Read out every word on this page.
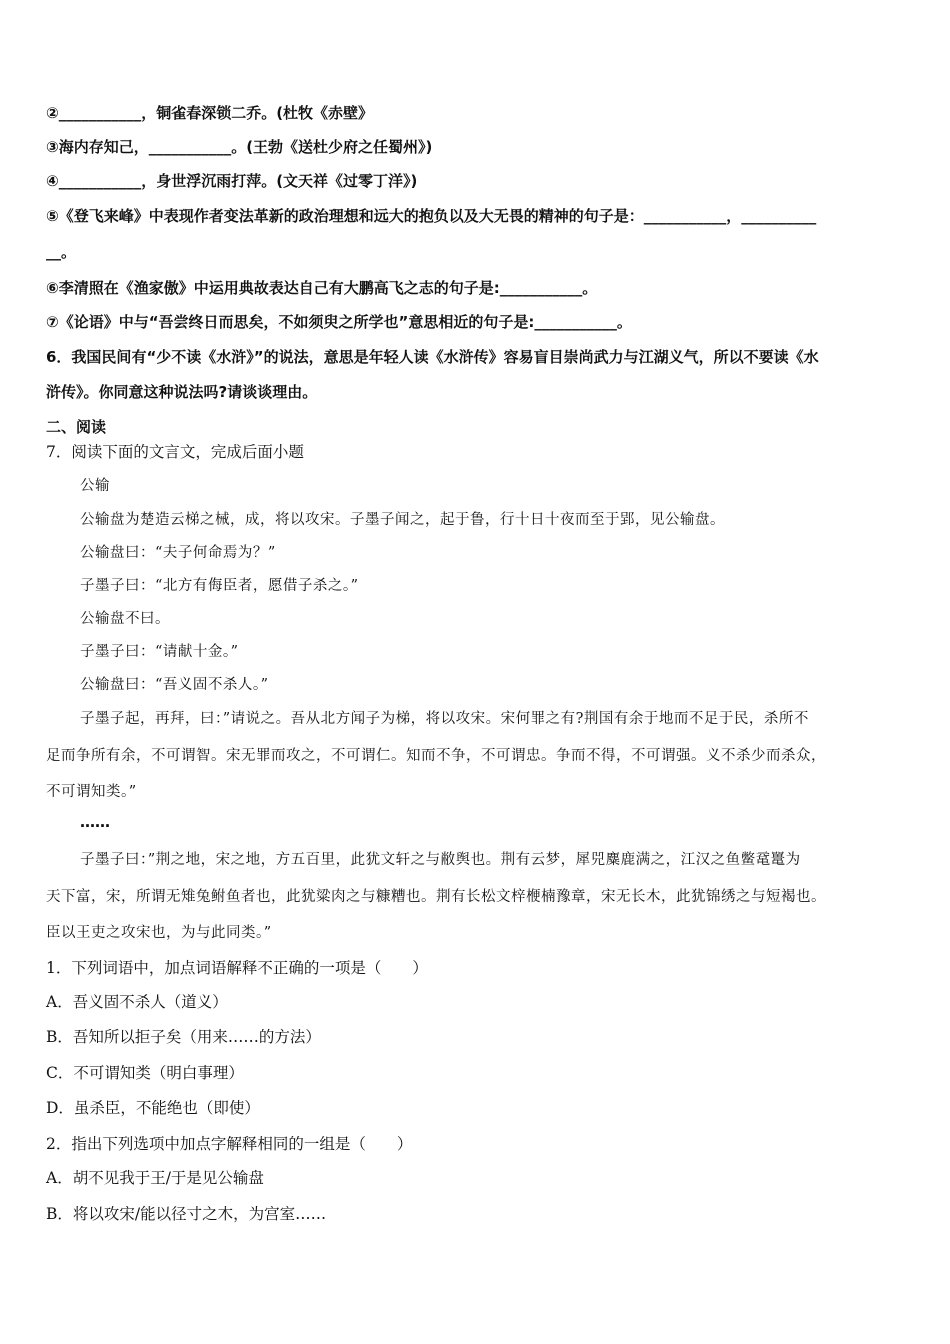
②___________，铜雀春深锁二乔。(杜牧《赤壁》
③海内存知己，___________。(王勃《送杜少府之任蜀州》)
④___________，身世浮沉雨打萍。(文天祥《过零丁洋》)
⑤《登飞来峰》中表现作者变法革新的政治理想和远大的抱负以及大无畏的精神的句子是：___________，__________
__。
⑥李清照在《渔家傲》中运用典故表达自己有大鹏高飞之志的句子是:___________。
⑦《论语》中与“吾尝终日而思矣，不如须臾之所学也”意思相近的句子是:___________。
6．我国民间有“少不读《水浒》”的说法，意思是年轻人读《水浒传》容易盲目崇尚武力与江湖义气，所以不要读《水
浒传》。你同意这种说法吗?请谈谈理由。
二、阅读
7．阅读下面的文言文，完成后面小题
公输
公输盘为楚造云梯之械，成，将以攻宋。子墨子闻之，起于鲁，行十日十夜而至于郢，见公输盘。
公输盘曰：“夫子何命焉为？”
子墨子曰：“北方有侮臣者，愿借子杀之。”
公输盘不曰。
子墨子曰：“请献十金。”
公输盘曰：“吾义固不杀人。”
子墨子起，再拜，曰：”请说之。吾从北方闻子为梯，将以攻宋。宋何罪之有?荆国有余于地而不足于民，杀所不
足而争所有余，不可谓智。宋无罪而攻之，不可谓仁。知而不争，不可谓忠。争而不得，不可谓强。义不杀少而杀众，
不可谓知类。”
……
子墨子曰：”荆之地，宋之地，方五百里，此犹文轩之与敝舆也。荆有云梦，犀兕麋鹿满之，江汉之鱼鳖鼋鼍为
天下富，宋，所谓无雉兔鲋鱼者也，此犹粱肉之与糠糟也。荆有长松文梓楩楠豫章，宋无长木，此犹锦绣之与短褐也。
臣以王吏之攻宋也，为与此同类。”
1．下列词语中，加点词语解释不正确的一项是（　　）
A．吾义固不杀人（道义）
B．吾知所以拒子矣（用来……的方法）
C．不可谓知类（明白事理）
D．虽杀臣，不能绝也（即使）
2．指出下列选项中加点字解释相同的一组是（　　）
A．胡不见我于王/于是见公输盘
B．将以攻宋/能以径寸之木，为宫室……
